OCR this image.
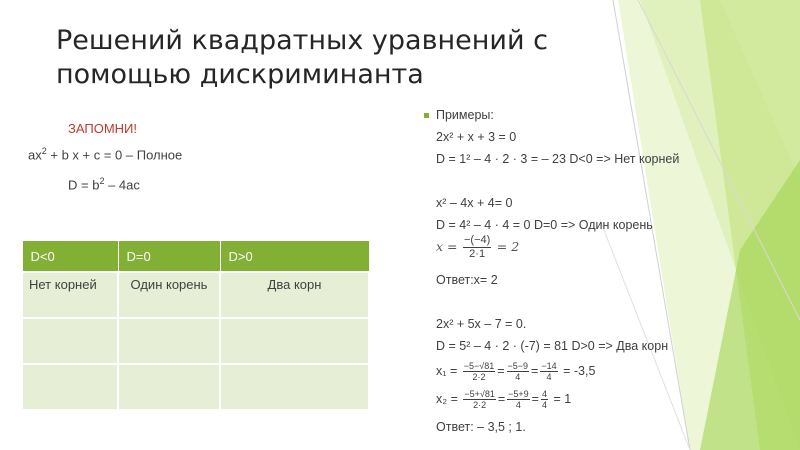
Решений квадратных уравнений с помощью дискриминанта
ЗАПОМНИ!
$ax^2 + b$ x + c = 0 – Полное
$D = b^2 - 4ac$
D<0	D=0	D>0
Нет корней	Один корень	Два корн

Примеры:
2x² + x + 3 = 0
D = 1² – 4 · 2 · 3 = – 23 D<0 => Нет корней
x² – 4x + 4= 0
D = 4² – 4 · 4 = 0 D=0 => Один корень
$x = \frac{-(-4)}{2\cdot 1} = 2$
Ответ:x= 2
2x² + 5x – 7 = 0.
D = 5² – 4 · 2 · (-7) = 81 D>0 => Два корн
$x_1 = \frac{-5-√81}{2\cdot 2} = \frac{-5-9}{4} = \frac{-14}{4} = -3,5$
$x_2 = \frac{-5+√81}{2\cdot 2} = \frac{-5+9}{4} = \frac{4}{4} = 1$
Ответ: – 3,5 ; 1.
